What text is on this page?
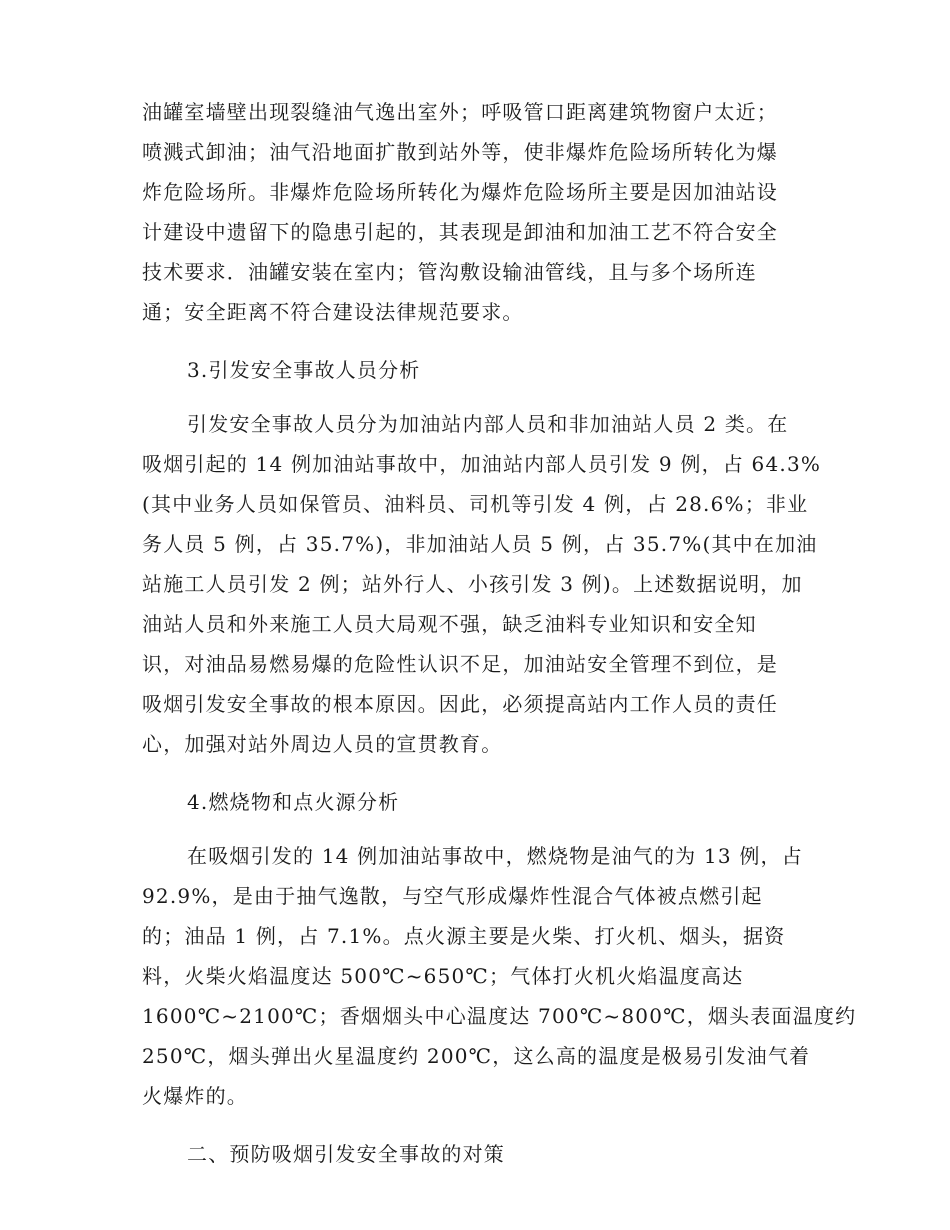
油罐室墙壁出现裂缝油气逸出室外；呼吸管口距离建筑物窗户太近；
喷溅式卸油；油气沿地面扩散到站外等，使非爆炸危险场所转化为爆
炸危险场所。非爆炸危险场所转化为爆炸危险场所主要是因加油站设
计建设中遗留下的隐患引起的，其表现是卸油和加油工艺不符合安全
技术要求．油罐安装在室内；管沟敷设输油管线，且与多个场所连
通；安全距离不符合建设法律规范要求。
3.引发安全事故人员分析
引发安全事故人员分为加油站内部人员和非加油站人员 2 类。在
吸烟引起的 14 例加油站事故中，加油站内部人员引发 9 例，占 64.3%
(其中业务人员如保管员、油料员、司机等引发 4 例，占 28.6%；非业
务人员 5 例，占 35.7%)，非加油站人员 5 例，占 35.7%(其中在加油
站施工人员引发 2 例；站外行人、小孩引发 3 例)。上述数据说明，加
油站人员和外来施工人员大局观不强，缺乏油料专业知识和安全知
识，对油品易燃易爆的危险性认识不足，加油站安全管理不到位，是
吸烟引发安全事故的根本原因。因此，必须提高站内工作人员的责任
心，加强对站外周边人员的宣贯教育。
4.燃烧物和点火源分析
在吸烟引发的 14 例加油站事故中，燃烧物是油气的为 13 例，占
92.9%，是由于抽气逸散，与空气形成爆炸性混合气体被点燃引起
的；油品 1 例，占 7.1%。点火源主要是火柴、打火机、烟头，据资
料，火柴火焰温度达 500℃~650℃；气体打火机火焰温度高达
1600℃~2100℃；香烟烟头中心温度达 700℃~800℃，烟头表面温度约
250℃，烟头弹出火星温度约 200℃，这么高的温度是极易引发油气着
火爆炸的。
二、预防吸烟引发安全事故的对策
